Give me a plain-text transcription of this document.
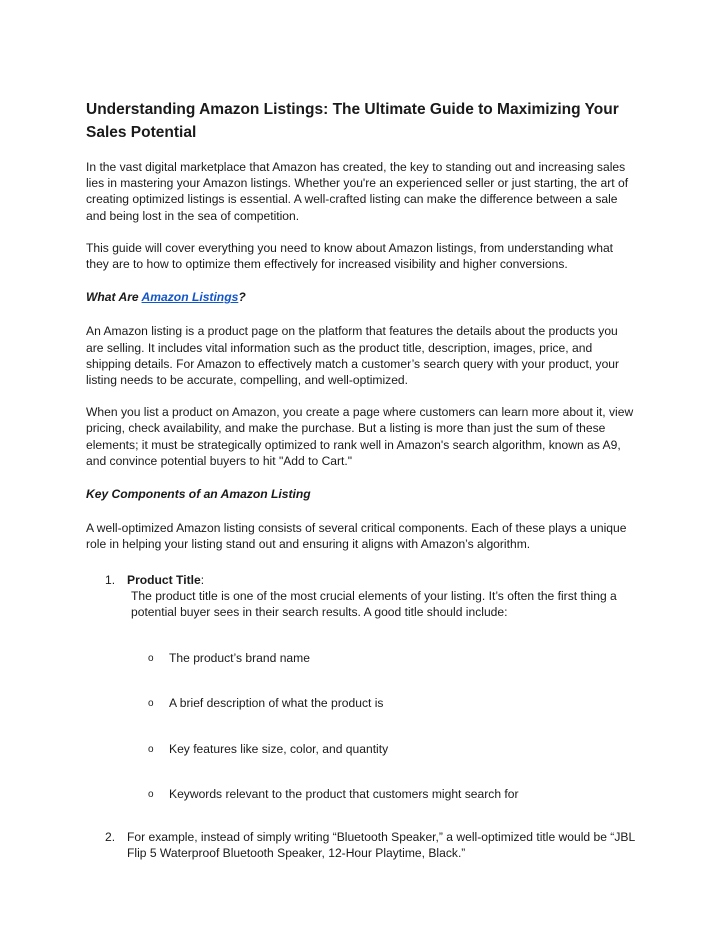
Understanding Amazon Listings: The Ultimate Guide to Maximizing Your Sales Potential

In the vast digital marketplace that Amazon has created, the key to standing out and increasing sales lies in mastering your Amazon listings. Whether you're an experienced seller or just starting, the art of creating optimized listings is essential. A well-crafted listing can make the difference between a sale and being lost in the sea of competition.

This guide will cover everything you need to know about Amazon listings, from understanding what they are to how to optimize them effectively for increased visibility and higher conversions.

What Are Amazon Listings?

An Amazon listing is a product page on the platform that features the details about the products you are selling. It includes vital information such as the product title, description, images, price, and shipping details. For Amazon to effectively match a customer’s search query with your product, your listing needs to be accurate, compelling, and well-optimized.

When you list a product on Amazon, you create a page where customers can learn more about it, view pricing, check availability, and make the purchase. But a listing is more than just the sum of these elements; it must be strategically optimized to rank well in Amazon's search algorithm, known as A9, and convince potential buyers to hit "Add to Cart."

Key Components of an Amazon Listing

A well-optimized Amazon listing consists of several critical components. Each of these plays a unique role in helping your listing stand out and ensuring it aligns with Amazon’s algorithm.

1. Product Title:
The product title is one of the most crucial elements of your listing. It’s often the first thing a potential buyer sees in their search results. A good title should include:
o The product’s brand name
o A brief description of what the product is
o Key features like size, color, and quantity
o Keywords relevant to the product that customers might search for
2. For example, instead of simply writing “Bluetooth Speaker,” a well-optimized title would be “JBL Flip 5 Waterproof Bluetooth Speaker, 12-Hour Playtime, Black.”
